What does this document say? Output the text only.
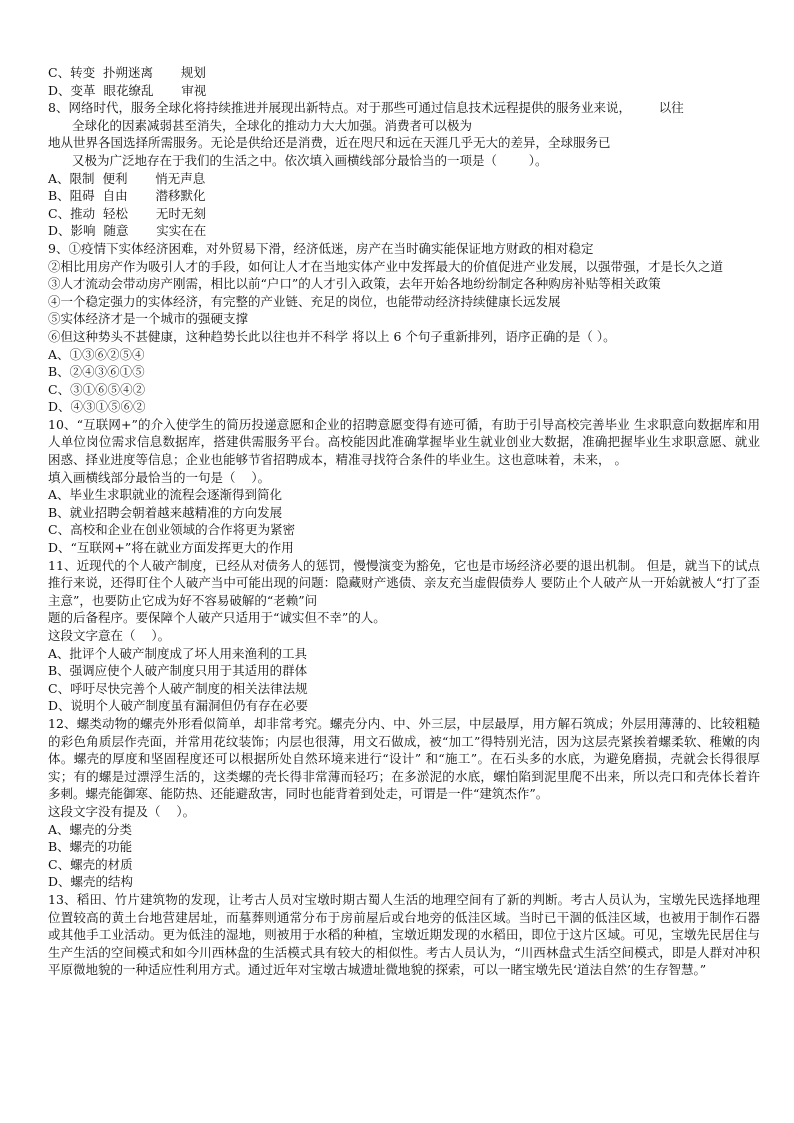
C、转变  扑朔迷离       规划
D、变革  眼花缭乱       审视
8、网络时代，服务全球化将持续推进并展现出新特点。对于那些可通过信息技术远程提供的服务业来说，       以往
全球化的因素减弱甚至消失，全球化的推动力大大加强。消费者可以极为
地从世界各国选择所需服务。无论是供给还是消费，近在咫尺和远在天涯几乎无大的差异，全球服务已
又极为广泛地存在于我们的生活之中。依次填入画横线部分最恰当的一项是（        ）。
A、限制  便利       悄无声息
B、阻碍  自由       潜移默化
C、推动  轻松       无时无刻
D、影响  随意       实实在在
9、①疫情下实体经济困难，对外贸易下滑，经济低迷，房产在当时确实能保证地方财政的相对稳定
②相比用房产作为吸引人才的手段，如何让人才在当地实体产业中发挥最大的价值促进产业发展，以强带强，才是长久之道
③人才流动会带动房产刚需，相比以前“户口”的人才引入政策，去年开始各地纷纷制定各种购房补贴等相关政策
④一个稳定强力的实体经济，有完整的产业链、充足的岗位，也能带动经济持续健康长远发展
⑤实体经济才是一个城市的强硬支撑
⑥但这种势头不甚健康，这种趋势长此以往也并不科学 将以上 6 个句子重新排列，语序正确的是（ ）。
A、①③⑥②⑤④
B、②④③⑥①⑤
C、③①⑥⑤④②
D、④③①⑤⑥②
10、“互联网+”的介入使学生的简历投递意愿和企业的招聘意愿变得有迹可循，有助于引导高校完善毕业 生求职意向数据库和用人单位岗位需求信息数据库，搭建供需服务平台。高校能因此准确掌握毕业生就业创业大数据，准确把握毕业生求职意愿、就业困惑、择业进度等信息；企业也能够节省招聘成本，精准寻找符合条件的毕业生。这也意味着，未来， 。
填入画横线部分最恰当的一句是（    ）。
A、毕业生求职就业的流程会逐渐得到简化
B、就业招聘会朝着越来越精准的方向发展
C、高校和企业在创业领域的合作将更为紧密
D、“互联网+”将在就业方面发挥更大的作用
11、近现代的个人破产制度，已经从对债务人的惩罚，慢慢演变为豁免，它也是市场经济必要的退出机制。 但是，就当下的试点推行来说，还得盯住个人破产当中可能出现的问题：隐藏财产逃债、亲友充当虚假债券人 要防止个人破产从一开始就被人“打了歪主意”，也要防止它成为好不容易破解的“老赖”问
题的后备程序。要保障个人破产只适用于“诚实但不幸”的人。
这段文字意在（    ）。
A、批评个人破产制度成了坏人用来渔利的工具
B、强调应使个人破产制度只用于其适用的群体
C、呼吁尽快完善个人破产制度的相关法律法规
D、说明个人破产制度虽有漏洞但仍有存在必要
12、螺类动物的螺壳外形看似简单，却非常考究。螺壳分内、中、外三层，中层最厚，用方解石筑成；外层用薄薄的、比较粗糙的彩色角质层作壳面，并常用花纹装饰；内层也很薄，用文石做成，被“加工”得特别光洁，因为这层壳紧挨着螺柔软、稚嫩的肉体。螺壳的厚度和坚固程度还可以根据所处自然环境来进行“设计” 和“施工”。在石头多的水底，为避免磨损，壳就会长得很厚实；有的螺是过漂浮生活的，这类螺的壳长得非常薄而轻巧；在多淤泥的水底，螺怕陷到泥里爬不出来，所以壳口和壳体长着许多刺。螺壳能御寒、能防热、还能避敌害，同时也能背着到处走，可谓是一件“建筑杰作”。
这段文字没有提及（    ）。
A、螺壳的分类
B、螺壳的功能
C、螺壳的材质
D、螺壳的结构
13、稻田、竹片建筑物的发现，让考古人员对宝墩时期古蜀人生活的地理空间有了新的判断。考古人员认为，宝墩先民选择地理位置较高的黄土台地营建居址，而墓葬则通常分布于房前屋后或台地旁的低洼区域。当时已干涸的低洼区域，也被用于制作石器或其他手工业活动。更为低洼的湿地，则被用于水稻的种植，宝墩近期发现的水稻田，即位于这片区域。可见，宝墩先民居住与生产生活的空间模式和如今川西林盘的生活模式具有较大的相似性。考古人员认为，“川西林盘式生活空间模式，即是人群对冲积平原微地貌的一种适应性利用方式。通过近年对宝墩古城遗址微地貌的探索，可以一睹宝墩先民‘道法自然’的生存智慧。”
